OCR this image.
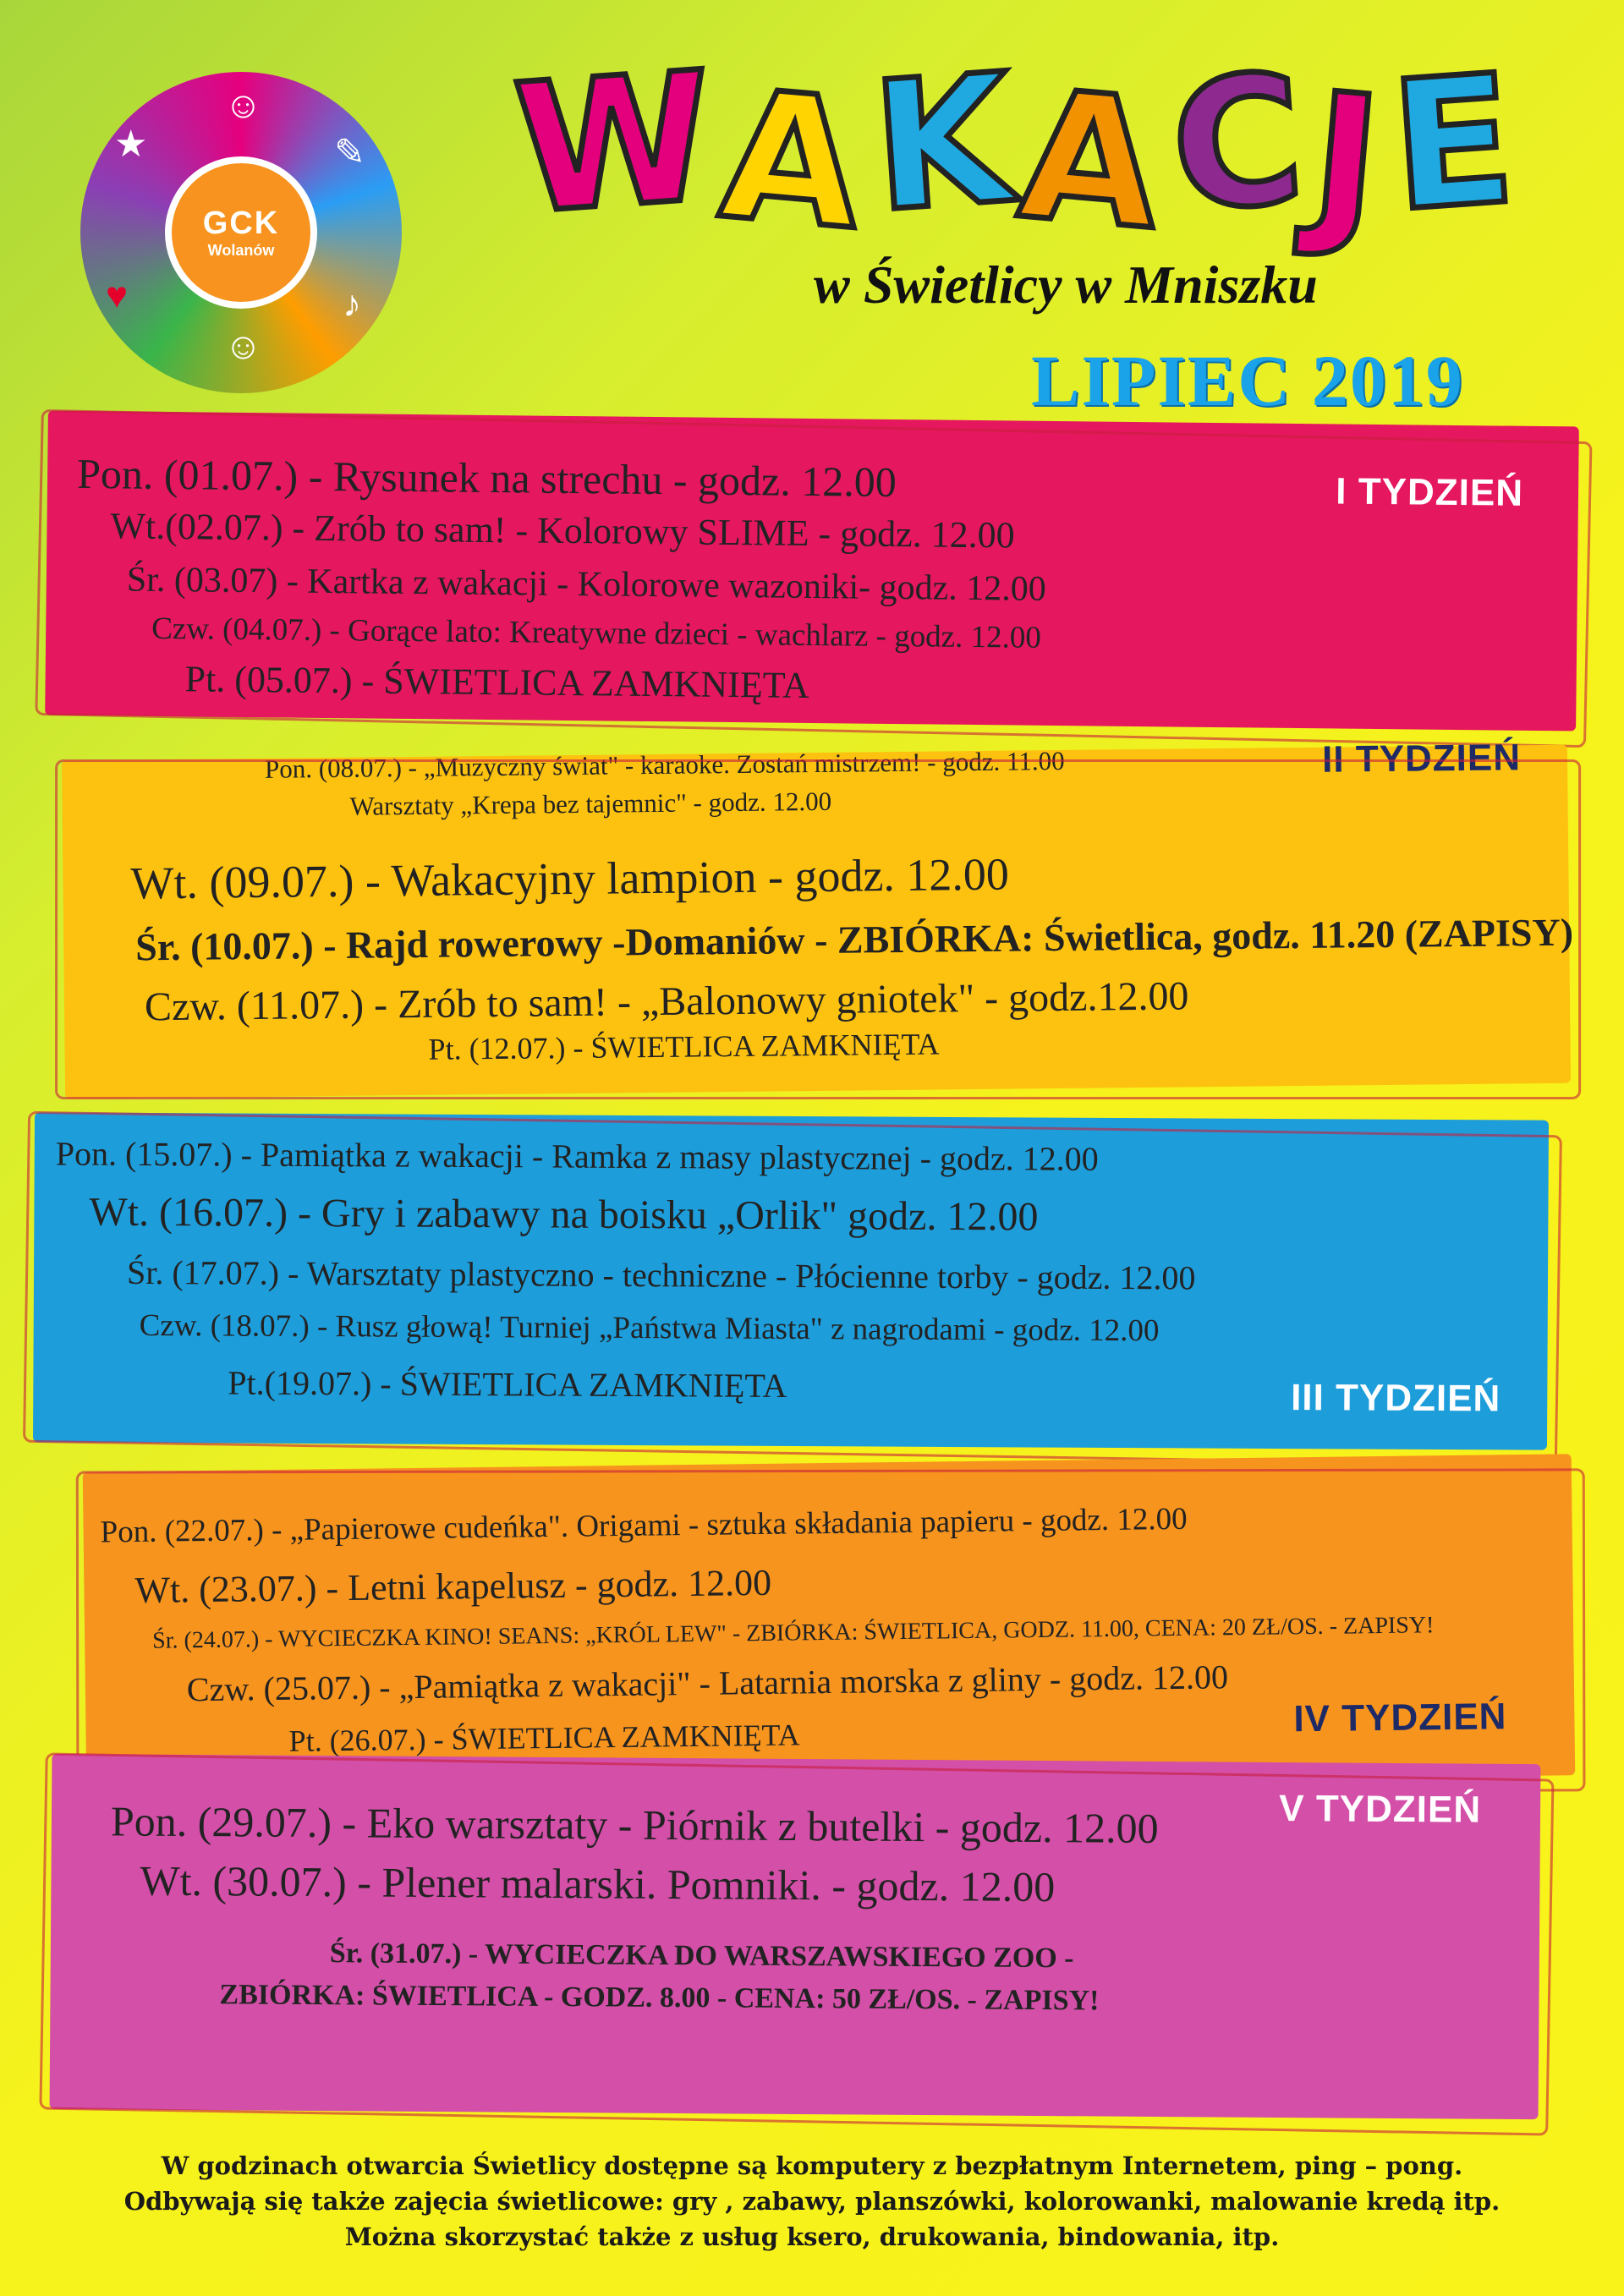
★	✎
♥	♪
☺
☺
GCK
Wolanów W
A
K
A
C
J
E
w Świetlicy w Mniszku
LIPIEC 2019
I TYDZIEŃ
Pon. (01.07.) - Rysunek na strechu - godz. 12.00
Wt.(02.07.) - Zrób to sam! - Kolorowy SLIME - godz. 12.00
Śr. (03.07) - Kartka z wakacji - Kolorowe wazoniki- godz. 12.00
Czw. (04.07.) - Gorące lato: Kreatywne dzieci - wachlarz - godz. 12.00
Pt. (05.07.) - ŚWIETLICA ZAMKNIĘTA
II TYDZIEŃ
Pon. (08.07.) - „Muzyczny świat" - karaoke. Zostań mistrzem! - godz. 11.00
Warsztaty „Krepa bez tajemnic" - godz. 12.00
Wt. (09.07.) - Wakacyjny lampion - godz. 12.00
Śr. (10.07.) - Rajd rowerowy -Domaniów - ZBIÓRKA: Świetlica, godz. 11.20 (ZAPISY)
Czw. (11.07.) - Zrób to sam! - „Balonowy gniotek" - godz.12.00
Pt. (12.07.) - ŚWIETLICA ZAMKNIĘTA
Pon. (15.07.) - Pamiątka z wakacji - Ramka z masy plastycznej - godz. 12.00
Wt. (16.07.) - Gry i zabawy na boisku „Orlik" godz. 12.00
Śr. (17.07.) - Warsztaty plastyczno - techniczne - Płócienne torby - godz. 12.00
Czw. (18.07.) - Rusz głową! Turniej „Państwa Miasta" z nagrodami - godz. 12.00
Pt.(19.07.) - ŚWIETLICA ZAMKNIĘTA	III TYDZIEŃ
Pon. (22.07.) - „Papierowe cudeńka". Origami - sztuka składania papieru - godz. 12.00
Wt. (23.07.) - Letni kapelusz - godz. 12.00
Śr. (24.07.) - WYCIECZKA KINO! SEANS: „KRÓL LEW" - ZBIÓRKA: ŚWIETLICA, GODZ. 11.00, CENA: 20 ZŁ/OS. - ZAPISY!
Czw. (25.07.) - „Pamiątka z wakacji" - Latarnia morska z gliny - godz. 12.00
Pt. (26.07.) - ŚWIETLICA ZAMKNIĘTA	IV TYDZIEŃ
V TYDZIEŃ
Pon. (29.07.) - Eko warsztaty - Piórnik z butelki - godz. 12.00
Wt. (30.07.) - Plener malarski. Pomniki. - godz. 12.00
Śr. (31.07.) - WYCIECZKA DO WARSZAWSKIEGO ZOO -
ZBIÓRKA: ŚWIETLICA - GODZ. 8.00 - CENA: 50 ZŁ/OS. - ZAPISY!
W godzinach otwarcia Świetlicy dostępne są komputery z bezpłatnym Internetem, ping – pong.
Odbywają się także zajęcia świetlicowe: gry , zabawy, planszówki, kolorowanki, malowanie kredą itp.
Można skorzystać także z usług ksero, drukowania, bindowania, itp.
